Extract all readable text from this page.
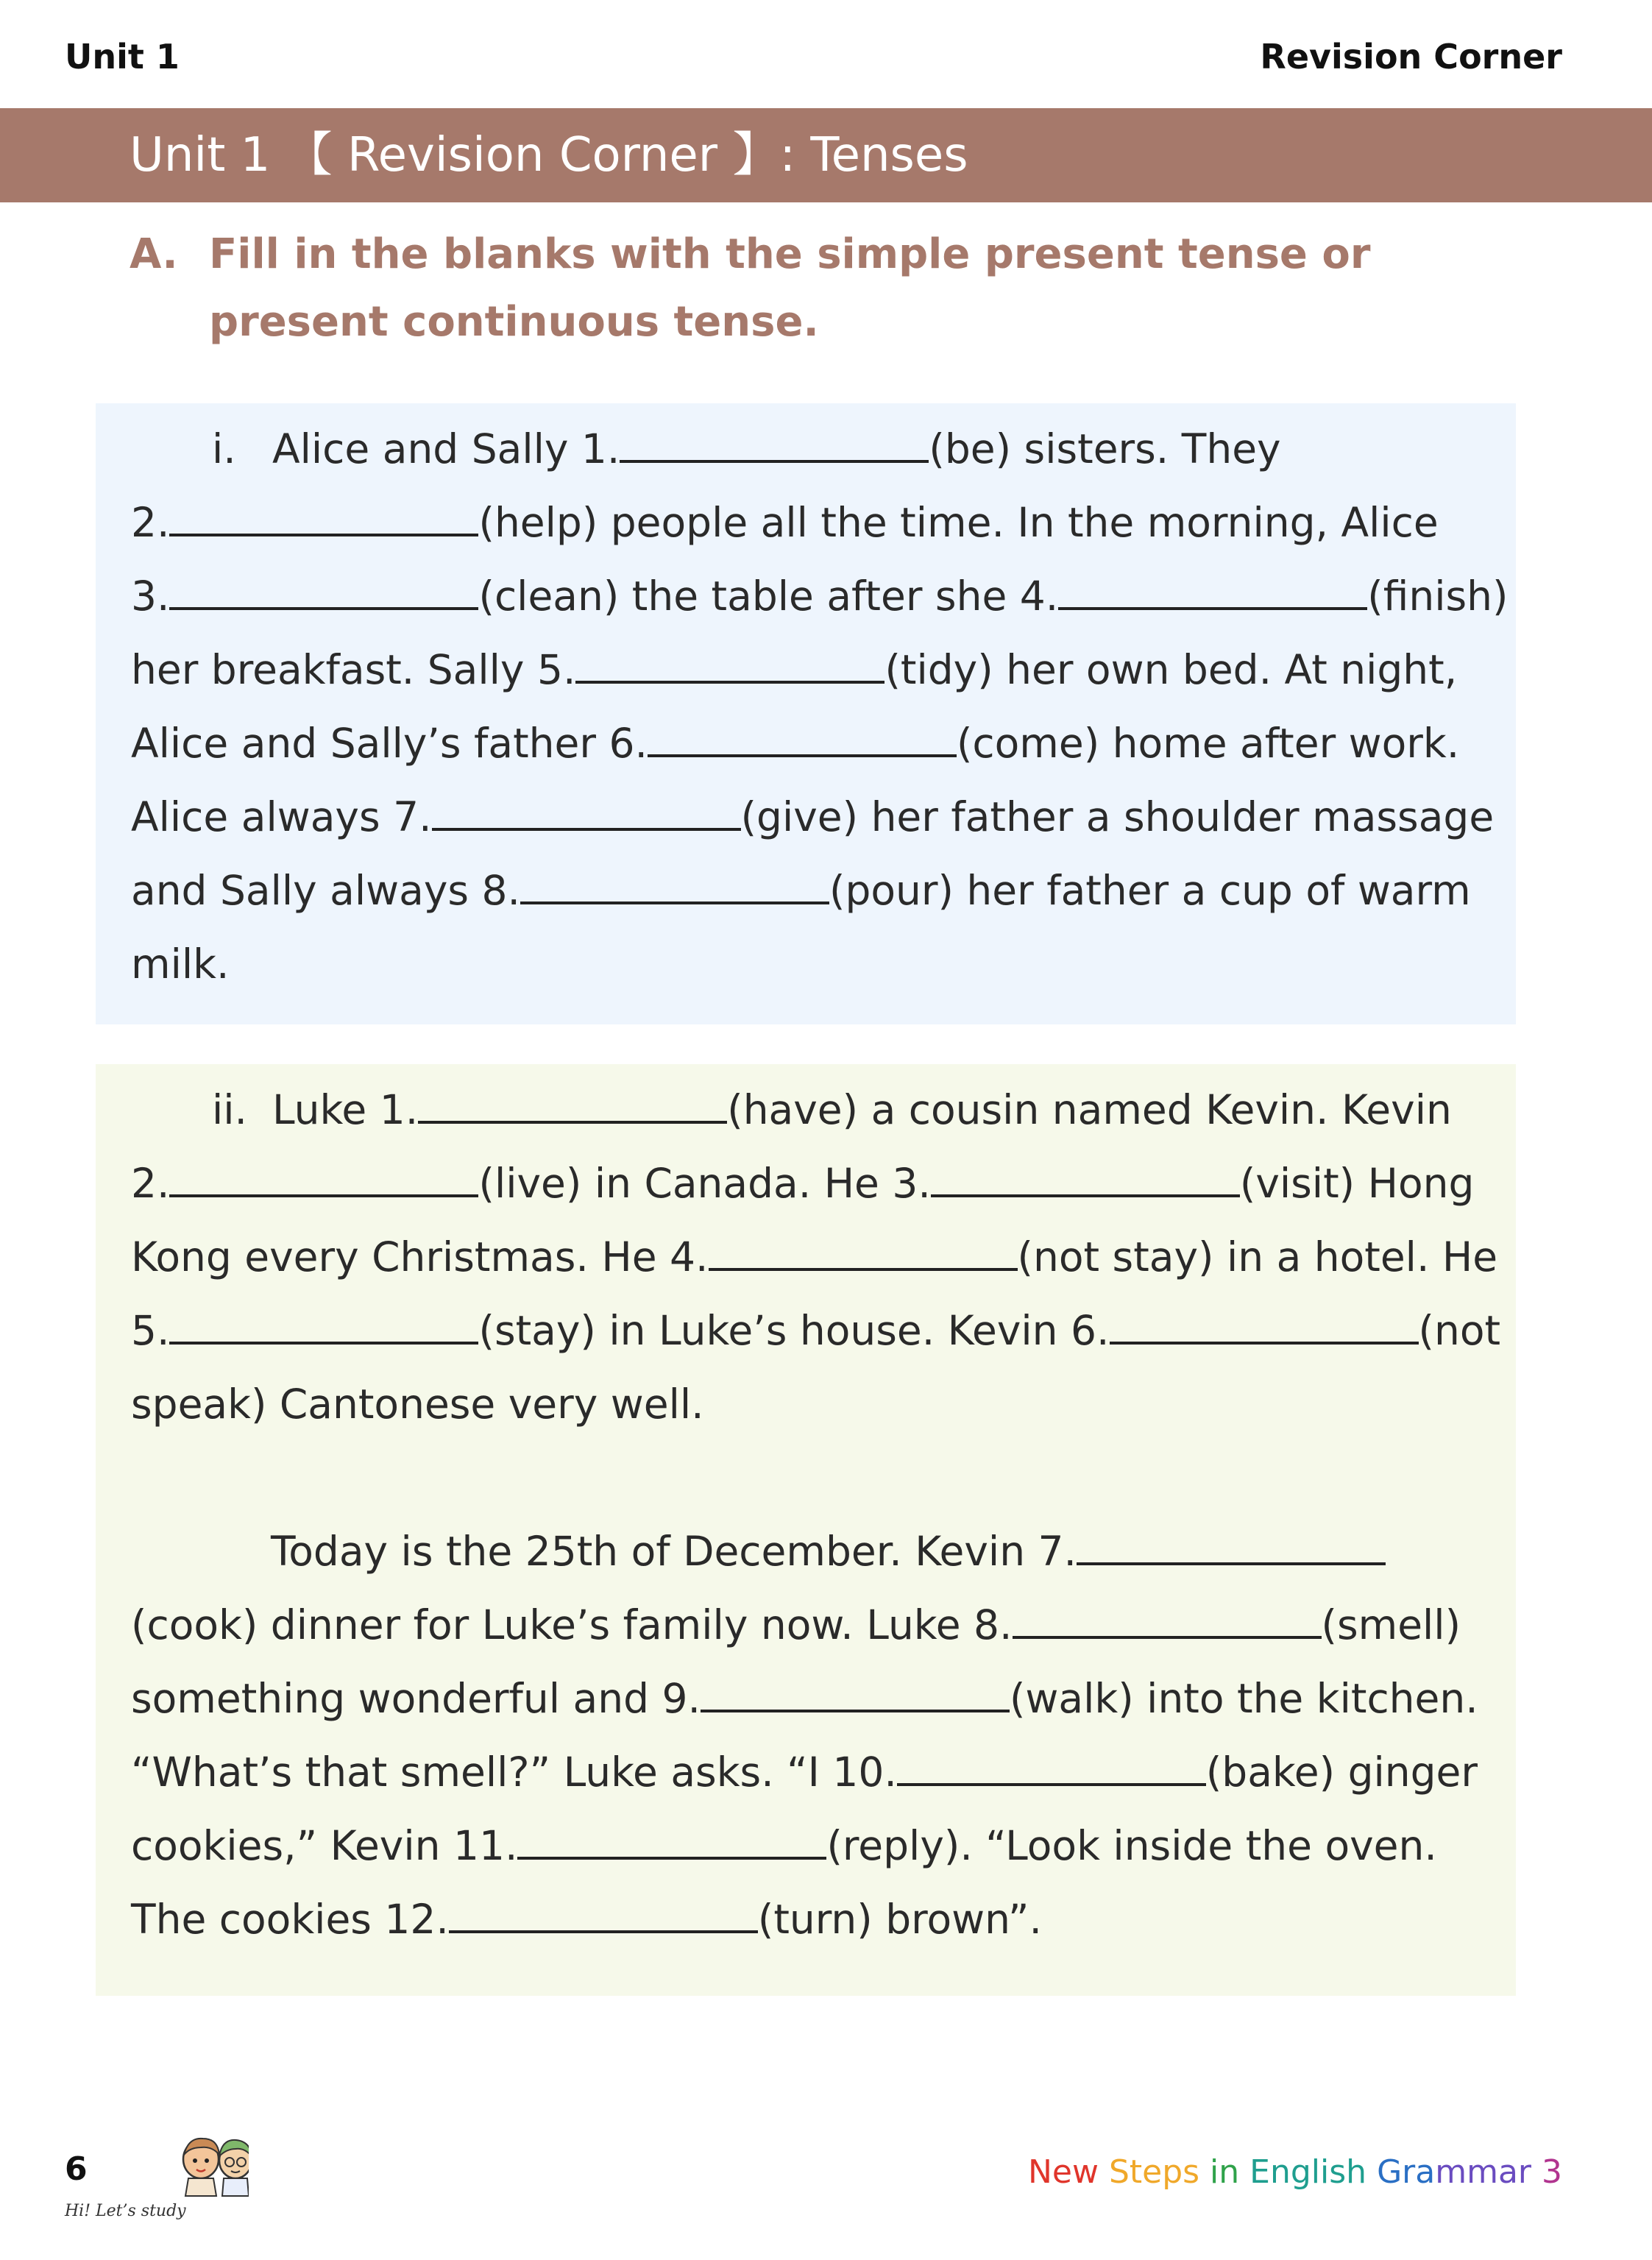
Unit 1	Revision Corner
Unit 1 【 Revision Corner 】: Tenses
A. Fill in the blanks with the simple present tense or present continuous tense.
i. Alice and Sally 1.	(be) sisters. They
2.	(help) people all the time. In the morning, Alice
3.	(clean) the table after she 4.	(finish)
her breakfast. Sally 5.	(tidy) her own bed. At night,
Alice and Sally’s father 6.	(come) home after work.
Alice always 7.	(give) her father a shoulder massage
and Sally always 8.	(pour) her father a cup of warm
milk.
ii. Luke 1.	(have) a cousin named Kevin. Kevin
2.	(live) in Canada. He 3.	(visit) Hong
Kong every Christmas. He 4.	(not stay) in a hotel. He
5.	(stay) in Luke’s house. Kevin 6.	(not
speak) Cantonese very well.
Today is the 25th of December. Kevin 7.
(cook) dinner for Luke’s family now. Luke 8.	(smell)
something wonderful and 9.	(walk) into the kitchen.
“What’s that smell?” Luke asks. “I 10.	(bake) ginger
cookies,” Kevin 11.	(reply). “Look inside the oven.
The cookies 12.	(turn) brown”.
6
Hi! Let’s study
New Steps in English Grammar 3
